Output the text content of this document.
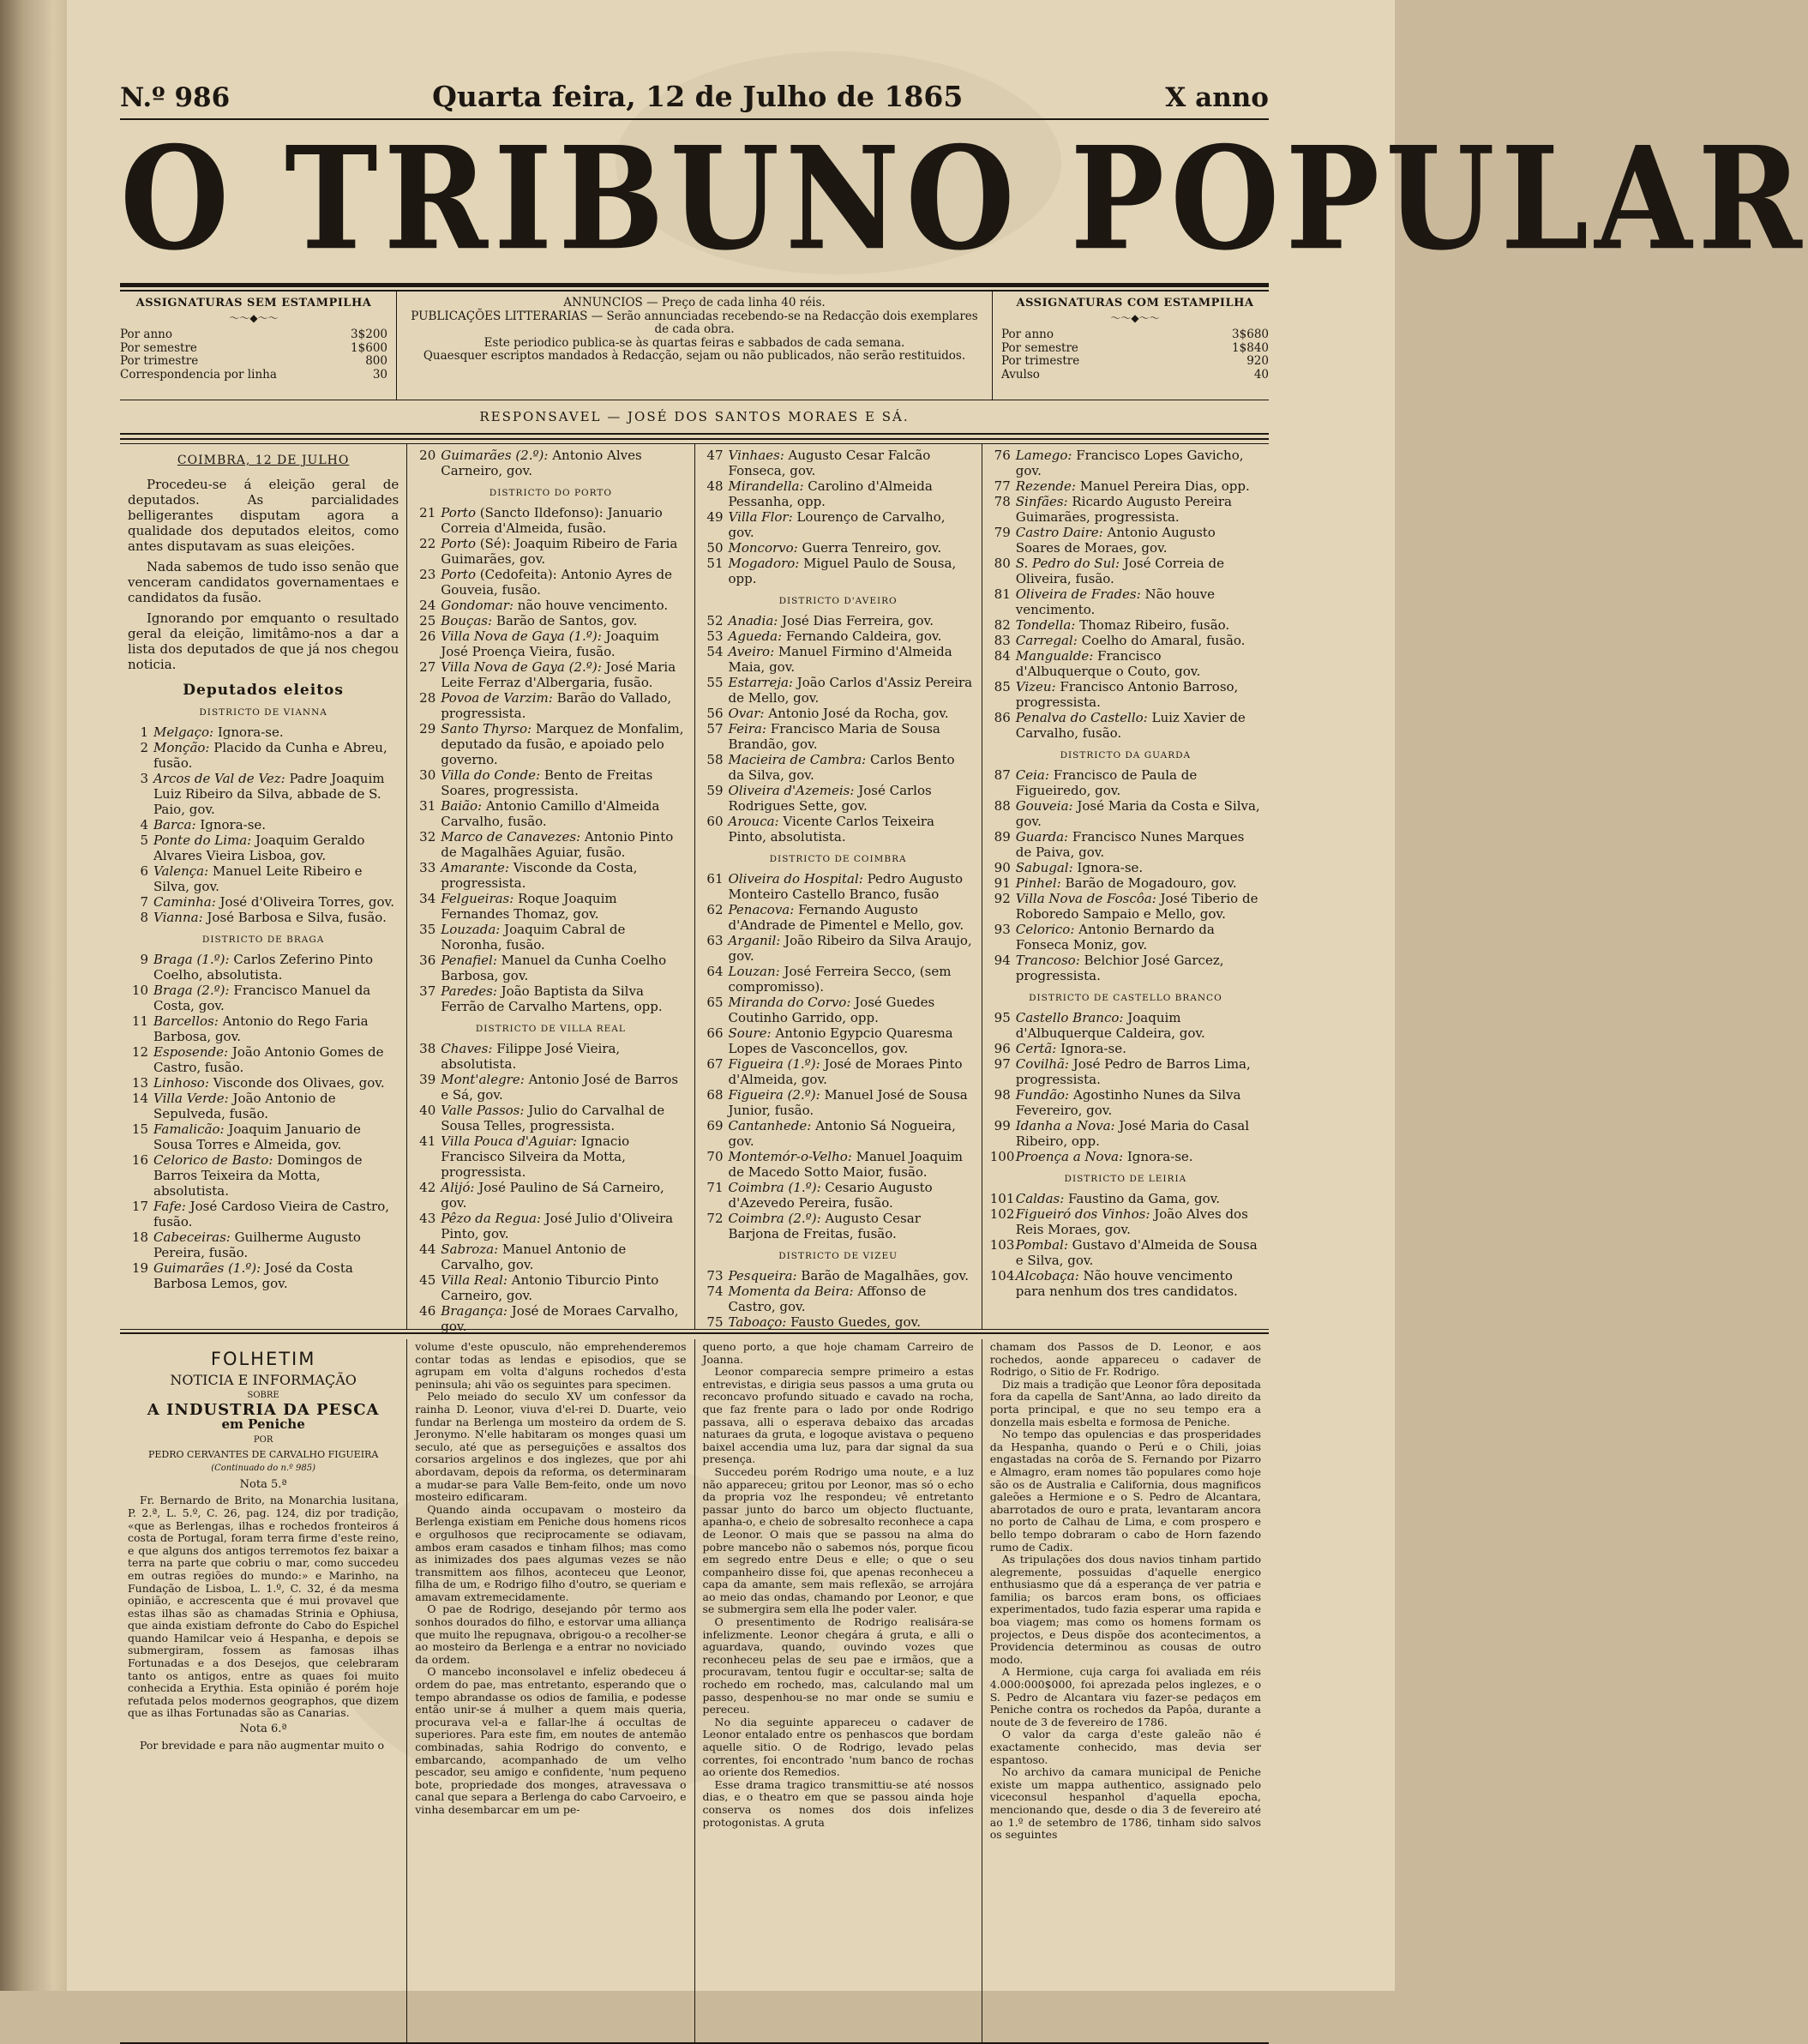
N.º 986	Quarta feira, 12 de Julho de 1865	X anno
O TRIBUNO POPULAR
ASSIGNATURAS SEM ESTAMPILHA
～～◆～～
Por anno	3$200
Por semestre	1$600
Por trimestre	800
Correspondencia por linha	30
ANNUNCIOS — Preço de cada linha 40 réis.
PUBLICAÇÕES LITTERARIAS — Serão annunciadas recebendo-se na Redacção dois exemplares de cada obra.
Este periodico publica-se às quartas feiras e sabbados de cada semana.
Quaesquer escriptos mandados à Redacção, sejam ou não publicados, não serão restituidos.
ASSIGNATURAS COM ESTAMPILHA
～～◆～～
Por anno	3$680
Por semestre	1$840
Por trimestre	920
Avulso	40
RESPONSAVEL — JOSÉ DOS SANTOS MORAES E SÁ.
COIMBRA, 12 DE JULHO

Procedeu-se á eleição geral de deputados. As parcialidades belligerantes disputam agora a qualidade dos deputados eleitos, como antes disputavam as suas eleições.

Nada sabemos de tudo isso senão que venceram candidatos governamentaes e candidatos da fusão.

Ignorando por emquanto o resultado geral da eleição, limitâmo-nos a dar a lista dos deputados de que já nos chegou noticia.

Deputados eleitos
DISTRICTO DE VIANNA
1 Melgaço: Ignora-se.
2 Monção: Placido da Cunha e Abreu, fusão.
3 Arcos de Val de Vez: Padre Joaquim Luiz Ribeiro da Silva, abbade de S. Paio, gov.
4 Barca: Ignora-se.
5 Ponte do Lima: Joaquim Geraldo Alvares Vieira Lisboa, gov.
6 Valença: Manuel Leite Ribeiro e Silva, gov.
7 Caminha: José d'Oliveira Torres, gov.
8 Vianna: José Barbosa e Silva, fusão.
DISTRICTO DE BRAGA
9 Braga (1.º): Carlos Zeferino Pinto Coelho, absolutista.
10 Braga (2.º): Francisco Manuel da Costa, gov.
11 Barcellos: Antonio do Rego Faria Barbosa, gov.
12 Esposende: João Antonio Gomes de Castro, fusão.
13 Linhoso: Visconde dos Olivaes, gov.
14 Villa Verde: João Antonio de Sepulveda, fusão.
15 Famalicão: Joaquim Januario de Sousa Torres e Almeida, gov.
16 Celorico de Basto: Domingos de Barros Teixeira da Motta, absolutista.
17 Fafe: José Cardoso Vieira de Castro, fusão.
18 Cabeceiras: Guilherme Augusto Pereira, fusão.
19 Guimarães (1.º): José da Costa Barbosa Lemos, gov.
20 Guimarães (2.º): Antonio Alves Carneiro, gov.
DISTRICTO DO PORTO
21 Porto (Sancto Ildefonso): Januario Correia d'Almeida, fusão.
22 Porto (Sé): Joaquim Ribeiro de Faria Guimarães, gov.
23 Porto (Cedofeita): Antonio Ayres de Gouveia, fusão.
24 Gondomar: não houve vencimento.
25 Bouças: Barão de Santos, gov.
26 Villa Nova de Gaya (1.º): Joaquim José Proença Vieira, fusão.
27 Villa Nova de Gaya (2.º): José Maria Leite Ferraz d'Albergaria, fusão.
28 Povoa de Varzim: Barão do Vallado, progressista.
29 Santo Thyrso: Marquez de Monfalim, deputado da fusão, e apoiado pelo governo.
30 Villa do Conde: Bento de Freitas Soares, progressista.
31 Baião: Antonio Camillo d'Almeida Carvalho, fusão.
32 Marco de Canavezes: Antonio Pinto de Magalhães Aguiar, fusão.
33 Amarante: Visconde da Costa, progressista.
34 Felgueiras: Roque Joaquim Fernandes Thomaz, gov.
35 Louzada: Joaquim Cabral de Noronha, fusão.
36 Penafiel: Manuel da Cunha Coelho Barbosa, gov.
37 Paredes: João Baptista da Silva Ferrão de Carvalho Martens, opp.
DISTRICTO DE VILLA REAL
38 Chaves: Filippe José Vieira, absolutista.
39 Mont'alegre: Antonio José de Barros e Sá, gov.
40 Valle Passos: Julio do Carvalhal de Sousa Telles, progressista.
41 Villa Pouca d'Aguiar: Ignacio Francisco Silveira da Motta, progressista.
42 Alijó: José Paulino de Sá Carneiro, gov.
43 Pêzo da Regua: José Julio d'Oliveira Pinto, gov.
44 Sabroza: Manuel Antonio de Carvalho, gov.
45 Villa Real: Antonio Tiburcio Pinto Carneiro, gov.
46 Bragança: José de Moraes Carvalho, gov.
47 Vinhaes: Augusto Cesar Falcão Fonseca, gov.
48 Mirandella: Carolino d'Almeida Pessanha, opp.
49 Villa Flor: Lourenço de Carvalho, gov.
50 Moncorvo: Guerra Tenreiro, gov.
51 Mogadoro: Miguel Paulo de Sousa, opp.
DISTRICTO D'AVEIRO
52 Anadia: José Dias Ferreira, gov.
53 Agueda: Fernando Caldeira, gov.
54 Aveiro: Manuel Firmino d'Almeida Maia, gov.
55 Estarreja: João Carlos d'Assiz Pereira de Mello, gov.
56 Ovar: Antonio José da Rocha, gov.
57 Feira: Francisco Maria de Sousa Brandão, gov.
58 Macieira de Cambra: Carlos Bento da Silva, gov.
59 Oliveira d'Azemeis: José Carlos Rodrigues Sette, gov.
60 Arouca: Vicente Carlos Teixeira Pinto, absolutista.
DISTRICTO DE COIMBRA
61 Oliveira do Hospital: Pedro Augusto Monteiro Castello Branco, fusão
62 Penacova: Fernando Augusto d'Andrade de Pimentel e Mello, gov.
63 Arganil: João Ribeiro da Silva Araujo, gov.
64 Louzan: José Ferreira Secco, (sem compromisso).
65 Miranda do Corvo: José Guedes Coutinho Garrido, opp.
66 Soure: Antonio Egypcio Quaresma Lopes de Vasconcellos, gov.
67 Figueira (1.º): José de Moraes Pinto d'Almeida, gov.
68 Figueira (2.º): Manuel José de Sousa Junior, fusão.
69 Cantanhede: Antonio Sá Nogueira, gov.
70 Montemór-o-Velho: Manuel Joaquim de Macedo Sotto Maior, fusão.
71 Coimbra (1.º): Cesario Augusto d'Azevedo Pereira, fusão.
72 Coimbra (2.º): Augusto Cesar Barjona de Freitas, fusão.
DISTRICTO DE VIZEU
73 Pesqueira: Barão de Magalhães, gov.
74 Momenta da Beira: Affonso de Castro, gov.
75 Taboaço: Fausto Guedes, gov.
76 Lamego: Francisco Lopes Gavicho, gov.
77 Rezende: Manuel Pereira Dias, opp.
78 Sinfães: Ricardo Augusto Pereira Guimarães, progressista.
79 Castro Daire: Antonio Augusto Soares de Moraes, gov.
80 S. Pedro do Sul: José Correia de Oliveira, fusão.
81 Oliveira de Frades: Não houve vencimento.
82 Tondella: Thomaz Ribeiro, fusão.
83 Carregal: Coelho do Amaral, fusão.
84 Mangualde: Francisco d'Albuquerque o Couto, gov.
85 Vizeu: Francisco Antonio Barroso, progressista.
86 Penalva do Castello: Luiz Xavier de Carvalho, fusão.
DISTRICTO DA GUARDA
87 Ceia: Francisco de Paula de Figueiredo, gov.
88 Gouveia: José Maria da Costa e Silva, gov.
89 Guarda: Francisco Nunes Marques de Paiva, gov.
90 Sabugal: Ignora-se.
91 Pinhel: Barão de Mogadouro, gov.
92 Villa Nova de Foscôa: José Tiberio de Roboredo Sampaio e Mello, gov.
93 Celorico: Antonio Bernardo da Fonseca Moniz, gov.
94 Trancoso: Belchior José Garcez, progressista.
DISTRICTO DE CASTELLO BRANCO
95 Castello Branco: Joaquim d'Albuquerque Caldeira, gov.
96 Certã: Ignora-se.
97 Covilhã: José Pedro de Barros Lima, progressista.
98 Fundão: Agostinho Nunes da Silva Fevereiro, gov.
99 Idanha a Nova: José Maria do Casal Ribeiro, opp.
100 Proença a Nova: Ignora-se.
DISTRICTO DE LEIRIA
101 Caldas: Faustino da Gama, gov.
102 Figueiró dos Vinhos: João Alves dos Reis Moraes, gov.
103 Pombal: Gustavo d'Almeida de Sousa e Silva, gov.
104 Alcobaça: Não houve vencimento para nenhum dos tres candidatos.
FOLHETIM
NOTICIA E INFORMAÇÃO
SOBRE
A INDUSTRIA DA PESCA
em Peniche
POR
PEDRO CERVANTES DE CARVALHO FIGUEIRA
(Continuado do n.º 985)
Nota 5.ª

Fr. Bernardo de Brito, na Monarchia lusitana, P. 2.ª, L. 5.º, C. 26, pag. 124, diz por tradição, «que as Berlengas, ilhas e rochedos fronteiros á costa de Portugal, foram terra firme d'este reino, e que alguns dos antigos terremotos fez baixar a terra na parte que cobriu o mar, como succedeu em outras regiões do mundo:» e Marinho, na Fundação de Lisboa, L. 1.º, C. 32, é da mesma opinião, e accrescenta que é mui provavel que estas ilhas são as chamadas Strinia e Ophiusa, que ainda existiam defronte do Cabo do Espichel quando Hamilcar veio á Hespanha, e depois se submergiram, fossem as famosas ilhas Fortunadas e a dos Desejos, que celebraram tanto os antigos, entre as quaes foi muito conhecida a Erythia. Esta opinião é porém hoje refutada pelos modernos geographos, que dizem que as ilhas Fortunadas são as Canarias.

Nota 6.ª

Por brevidade e para não augmentar muito o

volume d'este opusculo, não emprehenderemos contar todas as lendas e episodios, que se agrupam em volta d'alguns rochedos d'esta peninsula; ahi vão os seguintes para specimen.

Pelo meiado do seculo XV um confessor da rainha D. Leonor, viuva d'el-rei D. Duarte, veio fundar na Berlenga um mosteiro da ordem de S. Jeronymo. N'elle habitaram os monges quasi um seculo, até que as perseguições e assaltos dos corsarios argelinos e dos inglezes, que por ahi abordavam, depois da reforma, os determinaram a mudar-se para Valle Bem-feito, onde um novo mosteiro edificaram.

Quando ainda occupavam o mosteiro da Berlenga existiam em Peniche dous homens ricos e orgulhosos que reciprocamente se odiavam, ambos eram casados e tinham filhos; mas como as inimizades dos paes algumas vezes se não transmittem aos filhos, aconteceu que Leonor, filha de um, e Rodrigo filho d'outro, se queriam e amavam extremecidamente.

O pae de Rodrigo, desejando pôr termo aos sonhos dourados do filho, e estorvar uma alliança que muito lhe repugnava, obrigou-o a recolher-se ao mosteiro da Berlenga e a entrar no noviciado da ordem.

O mancebo inconsolavel e infeliz obedeceu á ordem do pae, mas entretanto, esperando que o tempo abrandasse os odios de familia, e podesse então unir-se á mulher a quem mais queria, procurava vel-a e fallar-lhe á occultas de superiores. Para este fim, em noutes de antemão combinadas, sahia Rodrigo do convento, e embarcando, acompanhado de um velho pescador, seu amigo e confidente, 'num pequeno bote, propriedade dos monges, atravessava o canal que separa a Berlenga do cabo Carvoeiro, e vinha desembarcar em um pe-

queno porto, a que hoje chamam Carreiro de Joanna.

Leonor comparecia sempre primeiro a estas entrevistas, e dirigia seus passos a uma gruta ou reconcavo profundo situado e cavado na rocha, que faz frente para o lado por onde Rodrigo passava, alli o esperava debaixo das arcadas naturaes da gruta, e logoque avistava o pequeno baixel accendia uma luz, para dar signal da sua presença.

Succedeu porém Rodrigo uma noute, e a luz não appareceu; gritou por Leonor, mas só o echo da propria voz lhe respondeu; vê entretanto passar junto do barco um objecto fluctuante, apanha-o, e cheio de sobresalto reconhece a capa de Leonor. O mais que se passou na alma do pobre mancebo não o sabemos nós, porque ficou em segredo entre Deus e elle; o que o seu companheiro disse foi, que apenas reconheceu a capa da amante, sem mais reflexão, se arrojára ao meio das ondas, chamando por Leonor, e que se submergira sem ella lhe poder valer.

O presentimento de Rodrigo realisára-se infelizmente. Leonor chegára á gruta, e alli o aguardava, quando, ouvindo vozes que reconheceu pelas de seu pae e irmãos, que a procuravam, tentou fugir e occultar-se; salta de rochedo em rochedo, mas, calculando mal um passo, despenhou-se no mar onde se sumiu e pereceu.

No dia seguinte appareceu o cadaver de Leonor entalado entre os penhascos que bordam aquelle sitio. O de Rodrigo, levado pelas correntes, foi encontrado 'num banco de rochas ao oriente dos Remedios.

Esse drama tragico transmittiu-se até nossos dias, e o theatro em que se passou ainda hoje conserva os nomes dos dois infelizes protogonistas. A gruta

chamam dos Passos de D. Leonor, e aos rochedos, aonde appareceu o cadaver de Rodrigo, o Sitio de Fr. Rodrigo.

Diz mais a tradição que Leonor fôra depositada fora da capella de Sant'Anna, ao lado direito da porta principal, e que no seu tempo era a donzella mais esbelta e formosa de Peniche.

No tempo das opulencias e das prosperidades da Hespanha, quando o Perú e o Chili, joias engastadas na corôa de S. Fernando por Pizarro e Almagro, eram nomes tão populares como hoje são os de Australia e California, dous magnificos galeões a Hermione e o S. Pedro de Alcantara, abarrotados de ouro e prata, levantaram ancora no porto de Calhau de Lima, e com prospero e bello tempo dobraram o cabo de Horn fazendo rumo de Cadix.

As tripulações dos dous navios tinham partido alegremente, possuidas d'aquelle energico enthusiasmo que dá a esperança de ver patria e familia; os barcos eram bons, os officiaes experimentados, tudo fazia esperar uma rapida e boa viagem; mas como os homens formam os projectos, e Deus dispõe dos acontecimentos, a Providencia determinou as cousas de outro modo.

A Hermione, cuja carga foi avaliada em réis 4.000:000$000, foi aprezada pelos inglezes, e o S. Pedro de Alcantara viu fazer-se pedaços em Peniche contra os rochedos da Papôa, durante a noute de 3 de fevereiro de 1786.

O valor da carga d'este galeão não é exactamente conhecido, mas devia ser espantoso.

No archivo da camara municipal de Peniche existe um mappa authentico, assignado pelo viceconsul hespanhol d'aquella epocha, mencionando que, desde o dia 3 de fevereiro até ao 1.º de setembro de 1786, tinham sido salvos os seguintes
